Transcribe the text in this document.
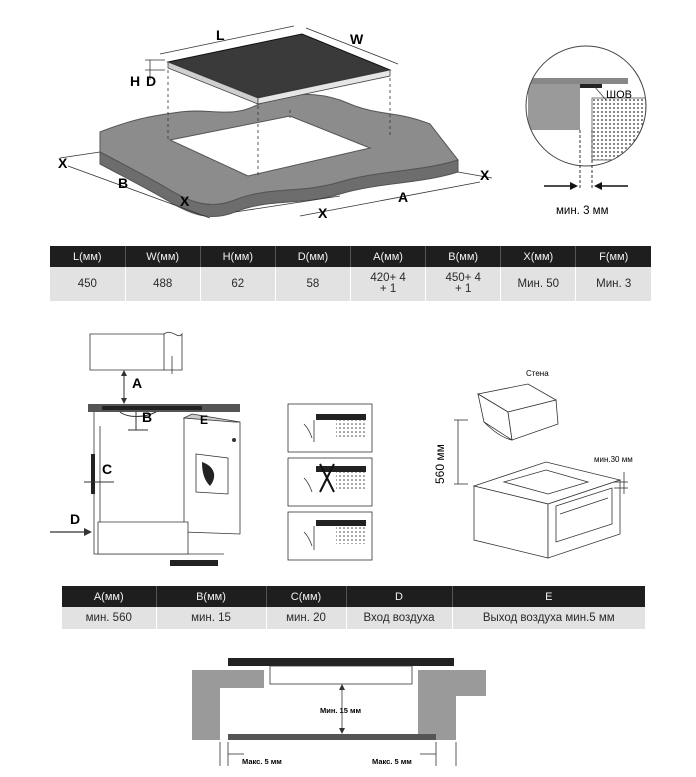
L	W
H D
X
B
X
X
A
X
ШОВ
мин. 3 мм
L(мм)	W(мм)	H(мм)	D(мм)	A(мм)	B(мм)	X(мм)	F(мм)
450	488	62	58	420+ 4
+ 1	450+ 4
+ 1	Мин. 50	Мин. 3
A
B	E
C
D
Стена
560 мм	мин.30 мм
A(мм)	B(мм)	C(мм)	D	E
мин. 560	мин. 15	мин. 20	Вход воздуха	Выход воздуха мин.5 мм
Мин. 15 мм
Макс. 5 мм	Макс. 5 мм
